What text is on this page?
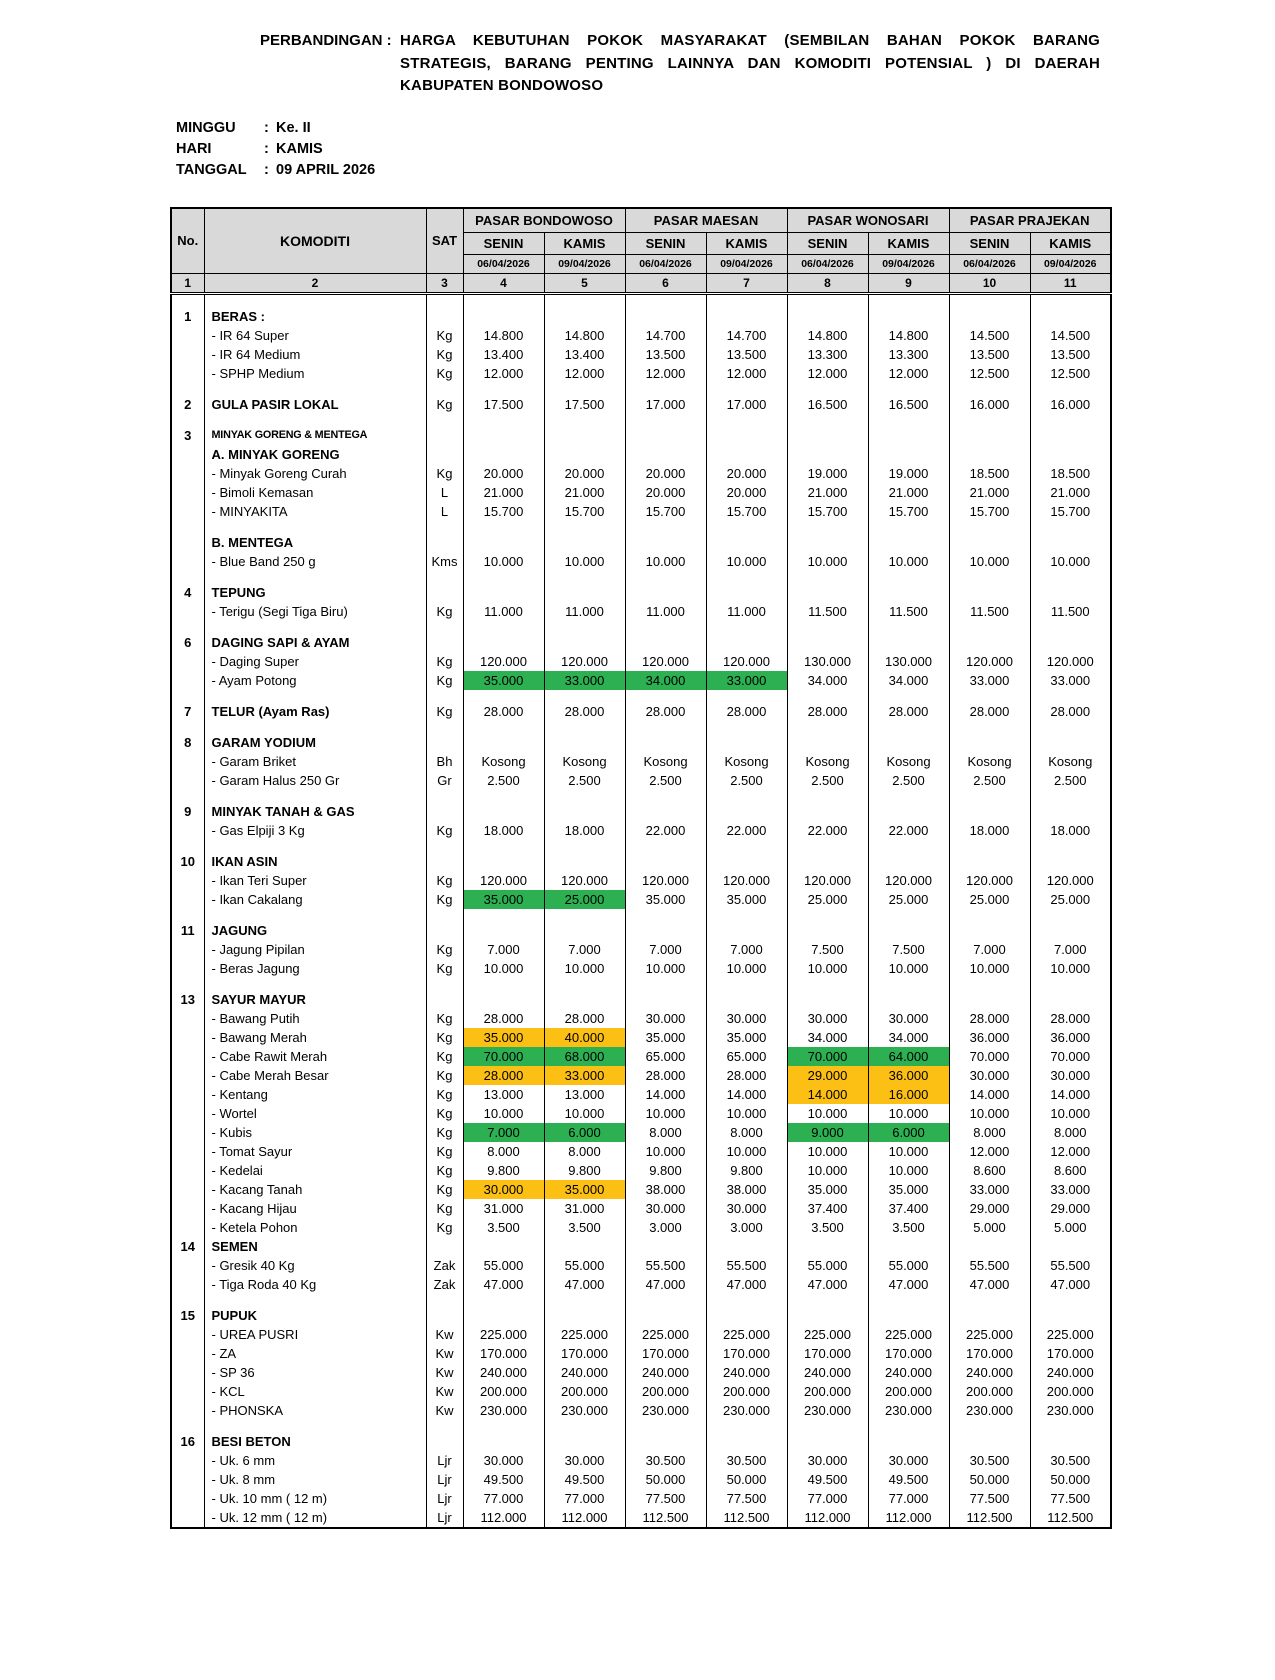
PERBANDINGAN : HARGA KEBUTUHAN POKOK MASYARAKAT (SEMBILAN BAHAN POKOK BARANG STRATEGIS, BARANG PENTING LAINNYA DAN KOMODITI POTENSIAL ) DI DAERAH KABUPATEN BONDOWOSO
MINGGU	: Ke. II
HARI	: KAMIS
TANGGAL	: 09 APRIL 2026
No.	KOMODITI	SAT	PASAR BONDOWOSO		PASAR MAESAN		PASAR WONOSARI		PASAR PRAJEKAN	
			SENIN	KAMIS	SENIN	KAMIS	SENIN	KAMIS	SENIN	KAMIS
			06/04/2026	09/04/2026	06/04/2026	09/04/2026	06/04/2026	09/04/2026	06/04/2026	09/04/2026
1	2	3	4	5	6	7	8	9	10	11

1	BERAS :									
	- IR 64 Super	Kg	14.800	14.800	14.700	14.700	14.800	14.800	14.500	14.500
	- IR 64 Medium	Kg	13.400	13.400	13.500	13.500	13.300	13.300	13.500	13.500
	- SPHP Medium	Kg	12.000	12.000	12.000	12.000	12.000	12.000	12.500	12.500

2	GULA PASIR LOKAL	Kg	17.500	17.500	17.000	17.000	16.500	16.500	16.000	16.000

3	MINYAK GORENG & MENTEGA									
	A. MINYAK GORENG									
	- Minyak Goreng Curah	Kg	20.000	20.000	20.000	20.000	19.000	19.000	18.500	18.500
	- Bimoli Kemasan	L	21.000	21.000	20.000	20.000	21.000	21.000	21.000	21.000
	- MINYAKITA	L	15.700	15.700	15.700	15.700	15.700	15.700	15.700	15.700

	B. MENTEGA									
	- Blue Band 250 g	Kms	10.000	10.000	10.000	10.000	10.000	10.000	10.000	10.000

4	TEPUNG									
	- Terigu (Segi Tiga Biru)	Kg	11.000	11.000	11.000	11.000	11.500	11.500	11.500	11.500

6	DAGING SAPI & AYAM									
	- Daging Super	Kg	120.000	120.000	120.000	120.000	130.000	130.000	120.000	120.000
	- Ayam Potong	Kg	35.000	33.000	34.000	33.000	34.000	34.000	33.000	33.000

7	TELUR (Ayam Ras)	Kg	28.000	28.000	28.000	28.000	28.000	28.000	28.000	28.000

8	GARAM YODIUM									
	- Garam Briket	Bh	Kosong	Kosong	Kosong	Kosong	Kosong	Kosong	Kosong	Kosong
	- Garam Halus 250 Gr	Gr	2.500	2.500	2.500	2.500	2.500	2.500	2.500	2.500

9	MINYAK TANAH & GAS									
	- Gas Elpiji 3 Kg	Kg	18.000	18.000	22.000	22.000	22.000	22.000	18.000	18.000

10	IKAN ASIN									
	- Ikan Teri Super	Kg	120.000	120.000	120.000	120.000	120.000	120.000	120.000	120.000
	- Ikan Cakalang	Kg	35.000	25.000	35.000	35.000	25.000	25.000	25.000	25.000

11	JAGUNG									
	- Jagung Pipilan	Kg	7.000	7.000	7.000	7.000	7.500	7.500	7.000	7.000
	- Beras Jagung	Kg	10.000	10.000	10.000	10.000	10.000	10.000	10.000	10.000

13	SAYUR MAYUR									
	- Bawang Putih	Kg	28.000	28.000	30.000	30.000	30.000	30.000	28.000	28.000
	- Bawang Merah	Kg	35.000	40.000	35.000	35.000	34.000	34.000	36.000	36.000
	- Cabe Rawit Merah	Kg	70.000	68.000	65.000	65.000	70.000	64.000	70.000	70.000
	- Cabe Merah Besar	Kg	28.000	33.000	28.000	28.000	29.000	36.000	30.000	30.000
	- Kentang	Kg	13.000	13.000	14.000	14.000	14.000	16.000	14.000	14.000
	- Wortel	Kg	10.000	10.000	10.000	10.000	10.000	10.000	10.000	10.000
	- Kubis	Kg	7.000	6.000	8.000	8.000	9.000	6.000	8.000	8.000
	- Tomat Sayur	Kg	8.000	8.000	10.000	10.000	10.000	10.000	12.000	12.000
	- Kedelai	Kg	9.800	9.800	9.800	9.800	10.000	10.000	8.600	8.600
	- Kacang Tanah	Kg	30.000	35.000	38.000	38.000	35.000	35.000	33.000	33.000
	- Kacang Hijau	Kg	31.000	31.000	30.000	30.000	37.400	37.400	29.000	29.000
	- Ketela Pohon	Kg	3.500	3.500	3.000	3.000	3.500	3.500	5.000	5.000
14	SEMEN									
	- Gresik 40 Kg	Zak	55.000	55.000	55.500	55.500	55.000	55.000	55.500	55.500
	- Tiga Roda 40 Kg	Zak	47.000	47.000	47.000	47.000	47.000	47.000	47.000	47.000

15	PUPUK									
	- UREA PUSRI	Kw	225.000	225.000	225.000	225.000	225.000	225.000	225.000	225.000
	- ZA	Kw	170.000	170.000	170.000	170.000	170.000	170.000	170.000	170.000
	- SP 36	Kw	240.000	240.000	240.000	240.000	240.000	240.000	240.000	240.000
	- KCL	Kw	200.000	200.000	200.000	200.000	200.000	200.000	200.000	200.000
	- PHONSKA	Kw	230.000	230.000	230.000	230.000	230.000	230.000	230.000	230.000

16	BESI BETON									
	- Uk. 6 mm	Ljr	30.000	30.000	30.500	30.500	30.000	30.000	30.500	30.500
	- Uk. 8 mm	Ljr	49.500	49.500	50.000	50.000	49.500	49.500	50.000	50.000
	- Uk. 10 mm ( 12 m)	Ljr	77.000	77.000	77.500	77.500	77.000	77.000	77.500	77.500
	- Uk. 12 mm ( 12 m)	Ljr	112.000	112.000	112.500	112.500	112.000	112.000	112.500	112.500
